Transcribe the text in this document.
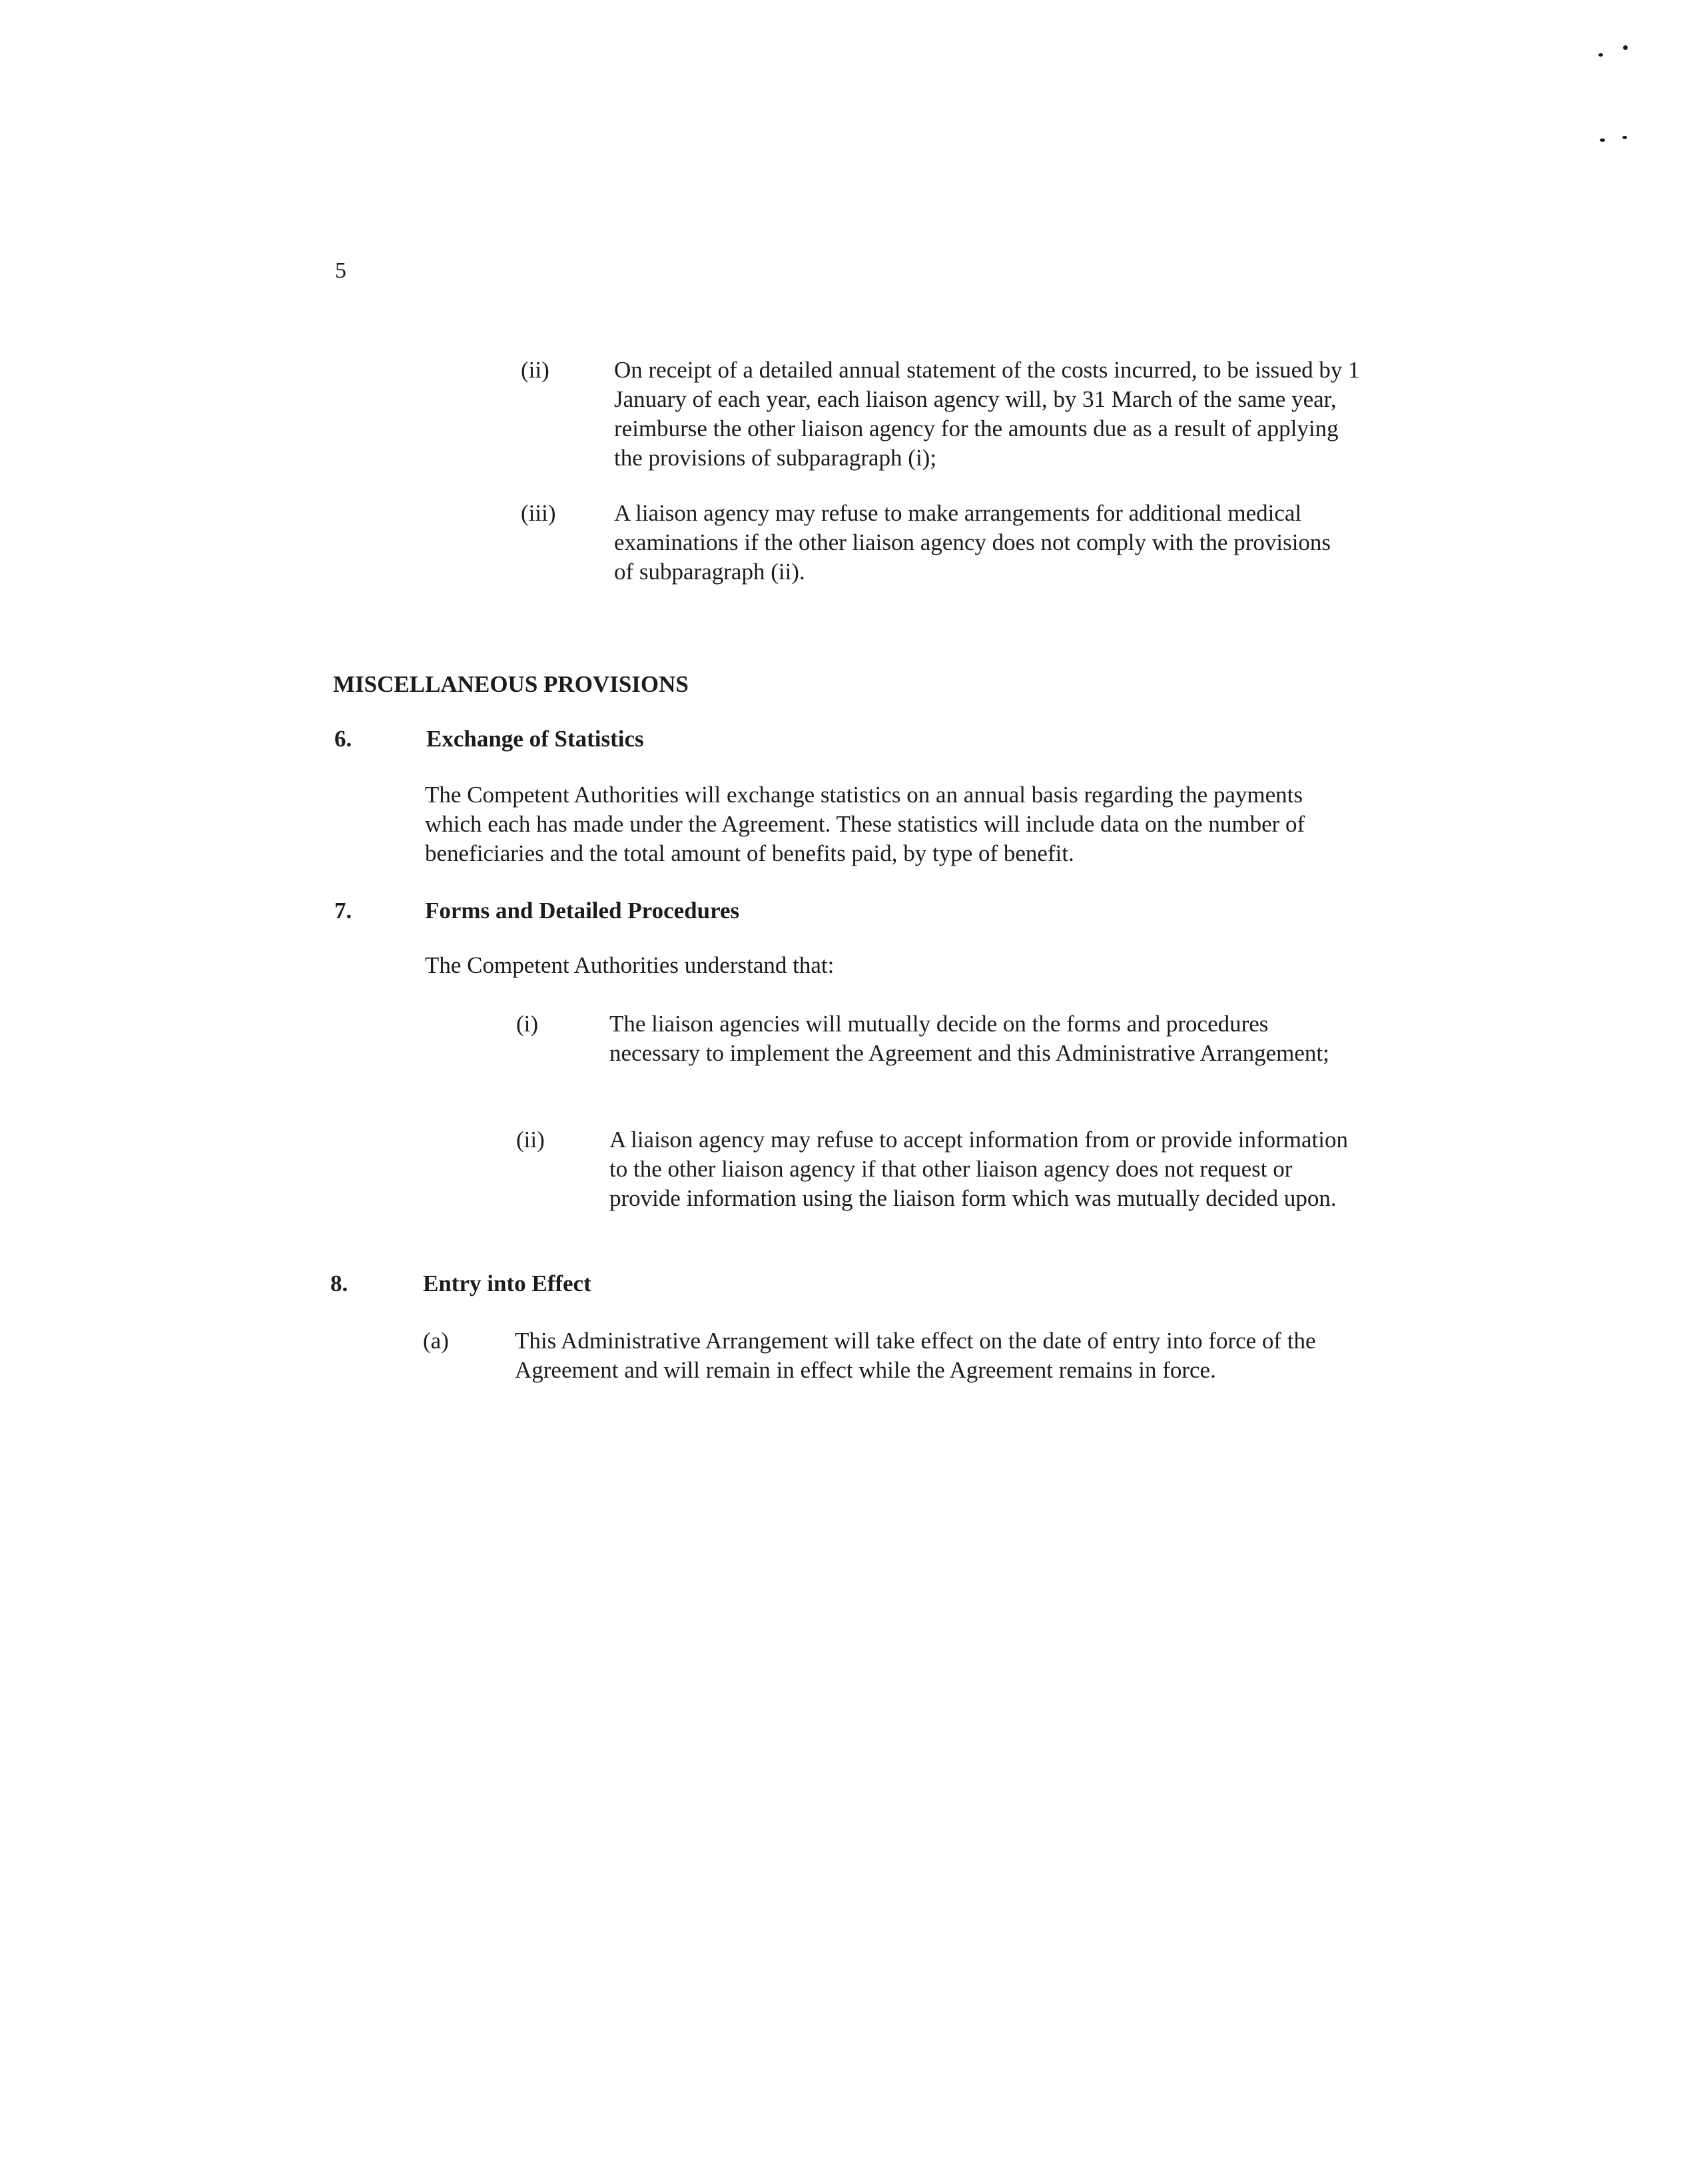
5
(ii)	On receipt of a detailed annual statement of the costs incurred, to be issued by 1 January of each year, each liaison agency will, by 31 March of the same year, reimburse the other liaison agency for the amounts due as a result of applying the provisions of subparagraph (i);
(iii)	A liaison agency may refuse to make arrangements for additional medical examinations if the other liaison agency does not comply with the provisions of subparagraph (ii).
MISCELLANEOUS PROVISIONS
6.	Exchange of Statistics
The Competent Authorities will exchange statistics on an annual basis regarding the payments which each has made under the Agreement. These statistics will include data on the number of beneficiaries and the total amount of benefits paid, by type of benefit.
7.	Forms and Detailed Procedures
The Competent Authorities understand that:
(i)	The liaison agencies will mutually decide on the forms and procedures necessary to implement the Agreement and this Administrative Arrangement;
(ii)	A liaison agency may refuse to accept information from or provide information to the other liaison agency if that other liaison agency does not request or provide information using the liaison form which was mutually decided upon.
8.	Entry into Effect
(a)	This Administrative Arrangement will take effect on the date of entry into force of the Agreement and will remain in effect while the Agreement remains in force.
